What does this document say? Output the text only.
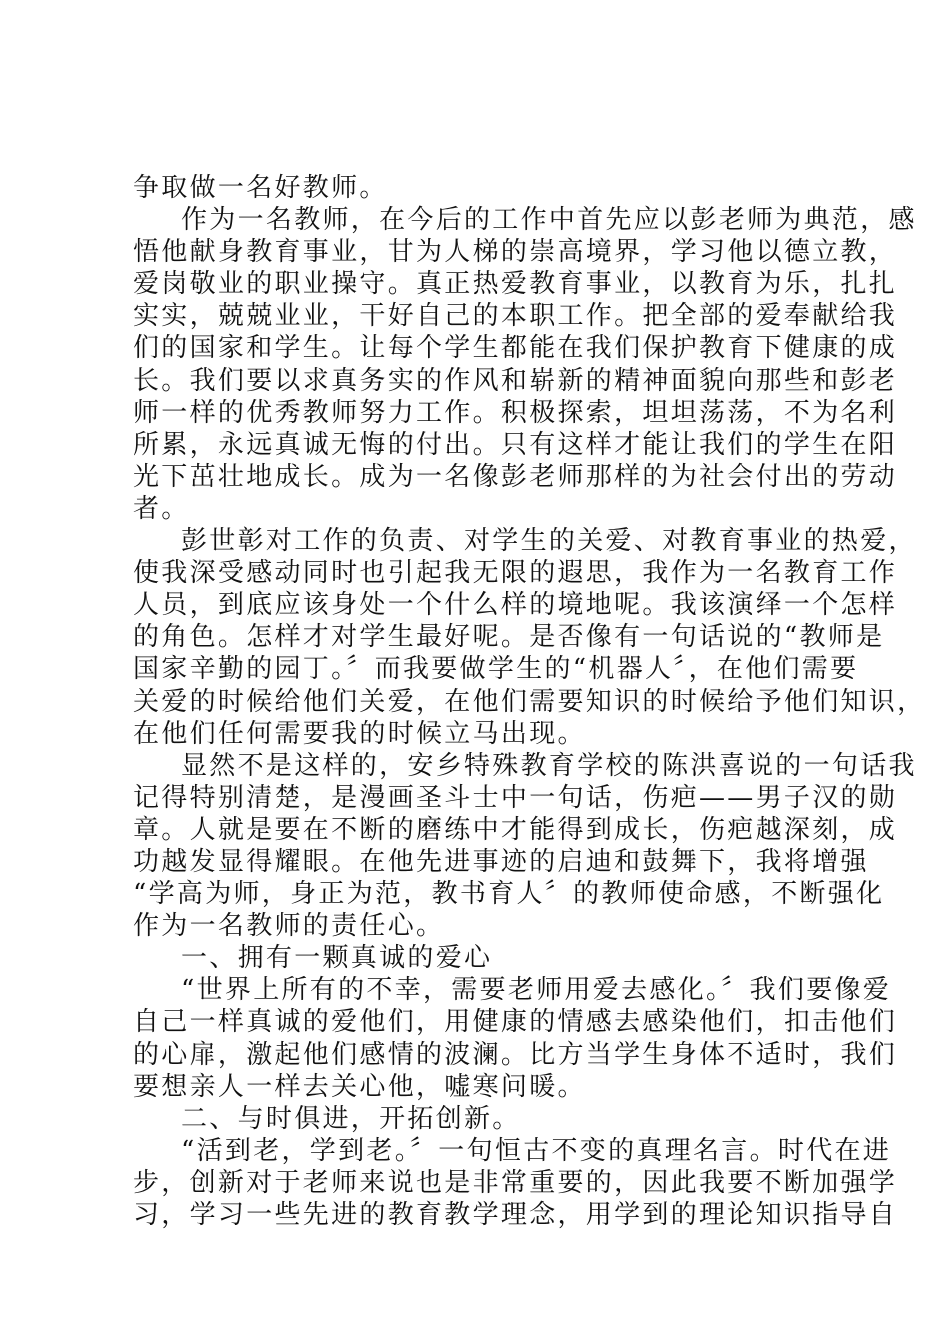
争取做一名好教师。
作为一名教师，在今后的工作中首先应以彭老师为典范，感
悟他献身教育事业，甘为人梯的崇高境界，学习他以德立教，
爱岗敬业的职业操守。真正热爱教育事业，以教育为乐，扎扎
实实，兢兢业业，干好自己的本职工作。把全部的爱奉献给我
们的国家和学生。让每个学生都能在我们保护教育下健康的成
长。我们要以求真务实的作风和崭新的精神面貌向那些和彭老
师一样的优秀教师努力工作。积极探索，坦坦荡荡，不为名利
所累，永远真诚无悔的付出。只有这样才能让我们的学生在阳
光下茁壮地成长。成为一名像彭老师那样的为社会付出的劳动
者。
彭世彰对工作的负责、对学生的关爱、对教育事业的热爱，
使我深受感动同时也引起我无限的遐思，我作为一名教育工作
人员，到底应该身处一个什么样的境地呢。我该演绎一个怎样
的角色。怎样才对学生最好呢。是否像有一句话说的“教师是
国家辛勤的园丁。〞而我要做学生的“机器人〞，在他们需要
关爱的时候给他们关爱，在他们需要知识的时候给予他们知识，
在他们任何需要我的时候立马出现。
显然不是这样的，安乡特殊教育学校的陈洪喜说的一句话我
记得特别清楚，是漫画圣斗士中一句话，伤疤——男子汉的勋
章。人就是要在不断的磨练中才能得到成长，伤疤越深刻，成
功越发显得耀眼。在他先进事迹的启迪和鼓舞下，我将增强
“学高为师，身正为范，教书育人〞的教师使命感，不断强化
作为一名教师的责任心。
一、拥有一颗真诚的爱心
“世界上所有的不幸，需要老师用爱去感化。〞我们要像爱
自己一样真诚的爱他们，用健康的情感去感染他们，扣击他们
的心扉，激起他们感情的波澜。比方当学生身体不适时，我们
要想亲人一样去关心他，嘘寒问暖。
二、与时俱进，开拓创新。
“活到老，学到老。〞一句恒古不变的真理名言。时代在进
步，创新对于老师来说也是非常重要的，因此我要不断加强学
习，学习一些先进的教育教学理念，用学到的理论知识指导自
